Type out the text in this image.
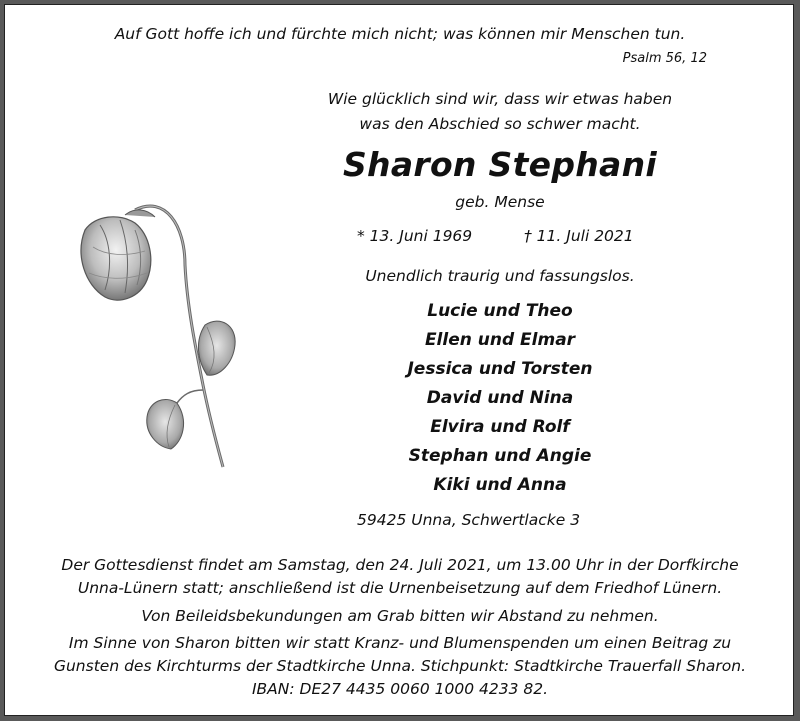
Auf Gott hoffe ich und fürchte mich nicht; was können mir Menschen tun.
Psalm 56, 12
Wie glücklich sind wir, dass wir etwas haben
was den Abschied so schwer macht.
Sharon Stephani
geb. Mense
* 13. Juni 1969	† 11. Juli 2021
Unendlich traurig und fassungslos.
Lucie und Theo
Ellen und Elmar
Jessica und Torsten
David und Nina
Elvira und Rolf
Stephan und Angie
Kiki und Anna
59425 Unna, Schwertlacke 3
Der Gottesdienst findet am Samstag, den 24. Juli 2021, um 13.00 Uhr in der Dorfkirche
Unna-Lünern statt; anschließend ist die Urnenbeisetzung auf dem Friedhof Lünern.
Von Beileidsbekundungen am Grab bitten wir Abstand zu nehmen.
Im Sinne von Sharon bitten wir statt Kranz- und Blumenspenden um einen Beitrag zu
Gunsten des Kirchturms der Stadtkirche Unna. Stichpunkt: Stadtkirche Trauerfall Sharon.
IBAN: DE27 4435 0060 1000 4233 82.
